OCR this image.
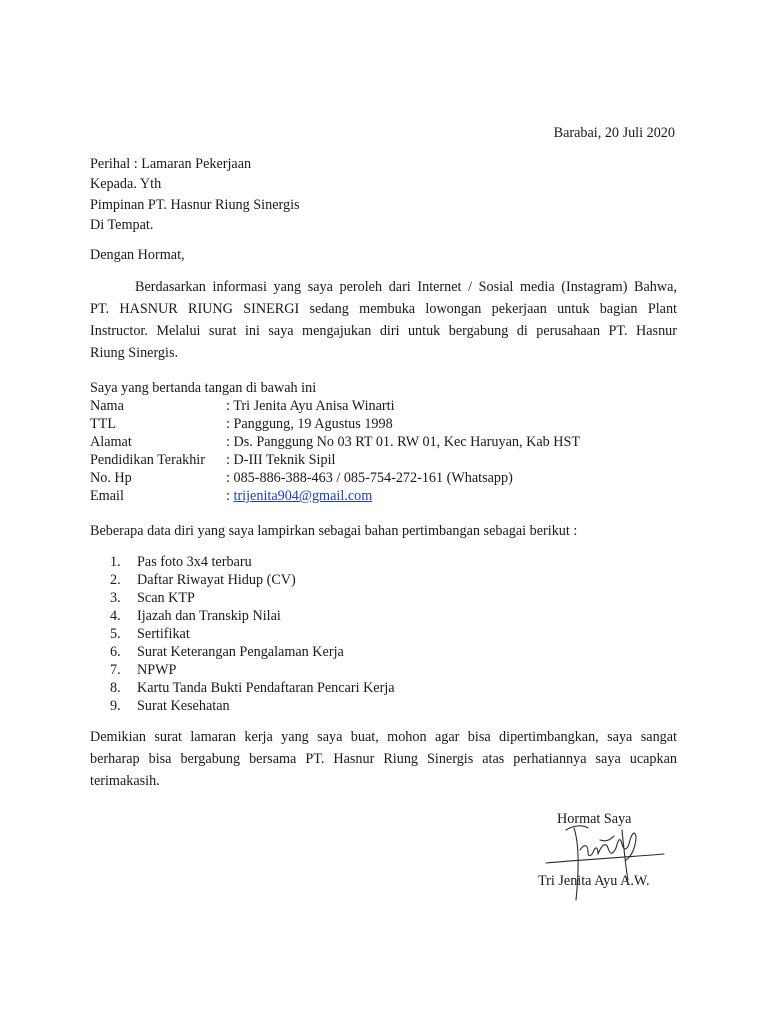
Barabai, 20 Juli 2020
Perihal : Lamaran Pekerjaan
Kepada. Yth
Pimpinan PT. Hasnur Riung Sinergis
Di Tempat.
Dengan Hormat,
Berdasarkan informasi yang saya peroleh dari Internet / Sosial media (Instagram) Bahwa,
PT. HASNUR RIUNG SINERGI sedang membuka lowongan pekerjaan untuk bagian Plant
Instructor. Melalui surat ini saya mengajukan diri untuk bergabung di perusahaan PT. Hasnur
Riung Sinergis.
Saya yang bertanda tangan di bawah ini
Nama	: Tri Jenita Ayu Anisa Winarti
TTL	: Panggung, 19 Agustus 1998
Alamat	: Ds. Panggung No 03 RT 01. RW 01, Kec Haruyan, Kab HST
Pendidikan Terakhir : D-III Teknik Sipil
No. Hp	: 085-886-388-463 / 085-754-272-161 (Whatsapp)
Email	: trijenita904@gmail.com
Beberapa data diri yang saya lampirkan sebagai bahan pertimbangan sebagai berikut :
1.	Pas foto 3x4 terbaru
2.	Daftar Riwayat Hidup (CV)
3.	Scan KTP
4.	Ijazah dan Transkip Nilai
5.	Sertifikat
6.	Surat Keterangan Pengalaman Kerja
7.	NPWP
8.	Kartu Tanda Bukti Pendaftaran Pencari Kerja
9.	Surat Kesehatan
Demikian surat lamaran kerja yang saya buat, mohon agar bisa dipertimbangkan, saya sangat
berharap bisa bergabung bersama PT. Hasnur Riung Sinergis atas perhatiannya saya ucapkan
terimakasih.
Hormat Saya
Tri Jenita Ayu A.W.
